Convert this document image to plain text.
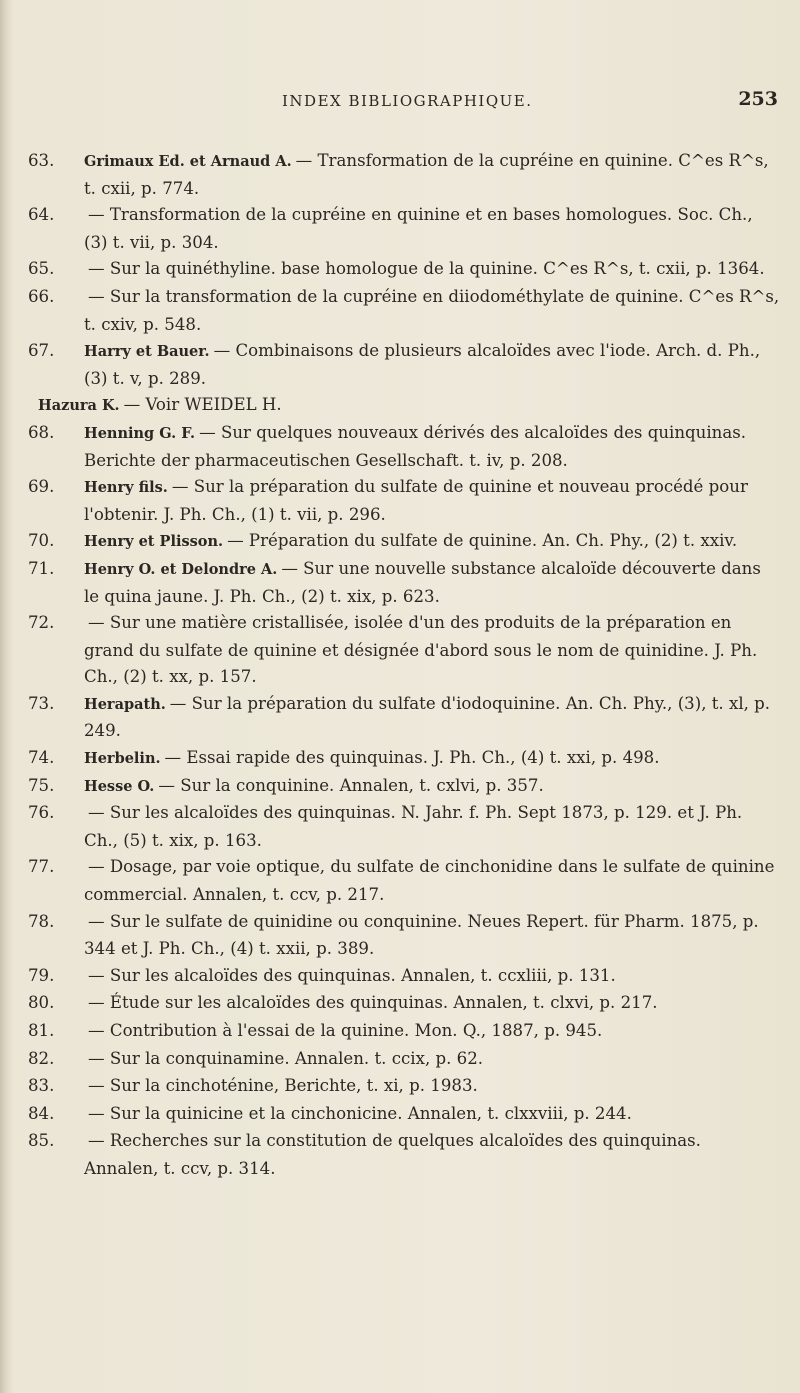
INDEX BIBLIOGRAPHIQUE.	253

63. Grimaux Ed. et Arnaud A. — Transformation de la cupréine en quinine. C^es R^s, t. cxii, p. 774.

64. — Transformation de la cupréine en quinine et en bases homologues. Soc. Ch., (3) t. vii, p. 304.

65. — Sur la quinéthyline. base homologue de la quinine. C^es R^s, t. cxii, p. 1364.

66. — Sur la transformation de la cupréine en diiodométhylate de quinine. C^es R^s, t. cxiv, p. 548.

67. Harry et Bauer. — Combinaisons de plusieurs alcaloïdes avec l'iode. Arch. d. Ph., (3) t. v, p. 289.

Hazura K. — Voir WEIDEL H.

68. Henning G. F. — Sur quelques nouveaux dérivés des alcaloïdes des quinquinas. Berichte der pharmaceutischen Gesellschaft. t. iv, p. 208.

69. Henry fils. — Sur la préparation du sulfate de quinine et nouveau procédé pour l'obtenir. J. Ph. Ch., (1) t. vii, p. 296.

70. Henry et Plisson. — Préparation du sulfate de quinine. An. Ch. Phy., (2) t. xxiv.

71. Henry O. et Delondre A. — Sur une nouvelle substance alcaloïde découverte dans le quina jaune. J. Ph. Ch., (2) t. xix, p. 623.

72. — Sur une matière cristallisée, isolée d'un des produits de la préparation en grand du sulfate de quinine et désignée d'abord sous le nom de quinidine. J. Ph. Ch., (2) t. xx, p. 157.

73. Herapath. — Sur la préparation du sulfate d'iodoquinine. An. Ch. Phy., (3), t. xl, p. 249.

74. Herbelin. — Essai rapide des quinquinas. J. Ph. Ch., (4) t. xxi, p. 498.

75. Hesse O. — Sur la conquinine. Annalen, t. cxlvi, p. 357.

76. — Sur les alcaloïdes des quinquinas. N. Jahr. f. Ph. Sept 1873, p. 129. et J. Ph. Ch., (5) t. xix, p. 163.

77. — Dosage, par voie optique, du sulfate de cinchonidine dans le sulfate de quinine commercial. Annalen, t. ccv, p. 217.

78. — Sur le sulfate de quinidine ou conquinine. Neues Repert. für Pharm. 1875, p. 344 et J. Ph. Ch., (4) t. xxii, p. 389.

79. — Sur les alcaloïdes des quinquinas. Annalen, t. ccxliii, p. 131.

80. — Étude sur les alcaloïdes des quinquinas. Annalen, t. clxvi, p. 217.

81. — Contribution à l'essai de la quinine. Mon. Q., 1887, p. 945.

82. — Sur la conquinamine. Annalen. t. ccix, p. 62.

83. — Sur la cinchoténine, Berichte, t. xi, p. 1983.

84. — Sur la quinicine et la cinchonicine. Annalen, t. clxxviii, p. 244.

85. — Recherches sur la constitution de quelques alcaloïdes des quinquinas. Annalen, t. ccv, p. 314.
